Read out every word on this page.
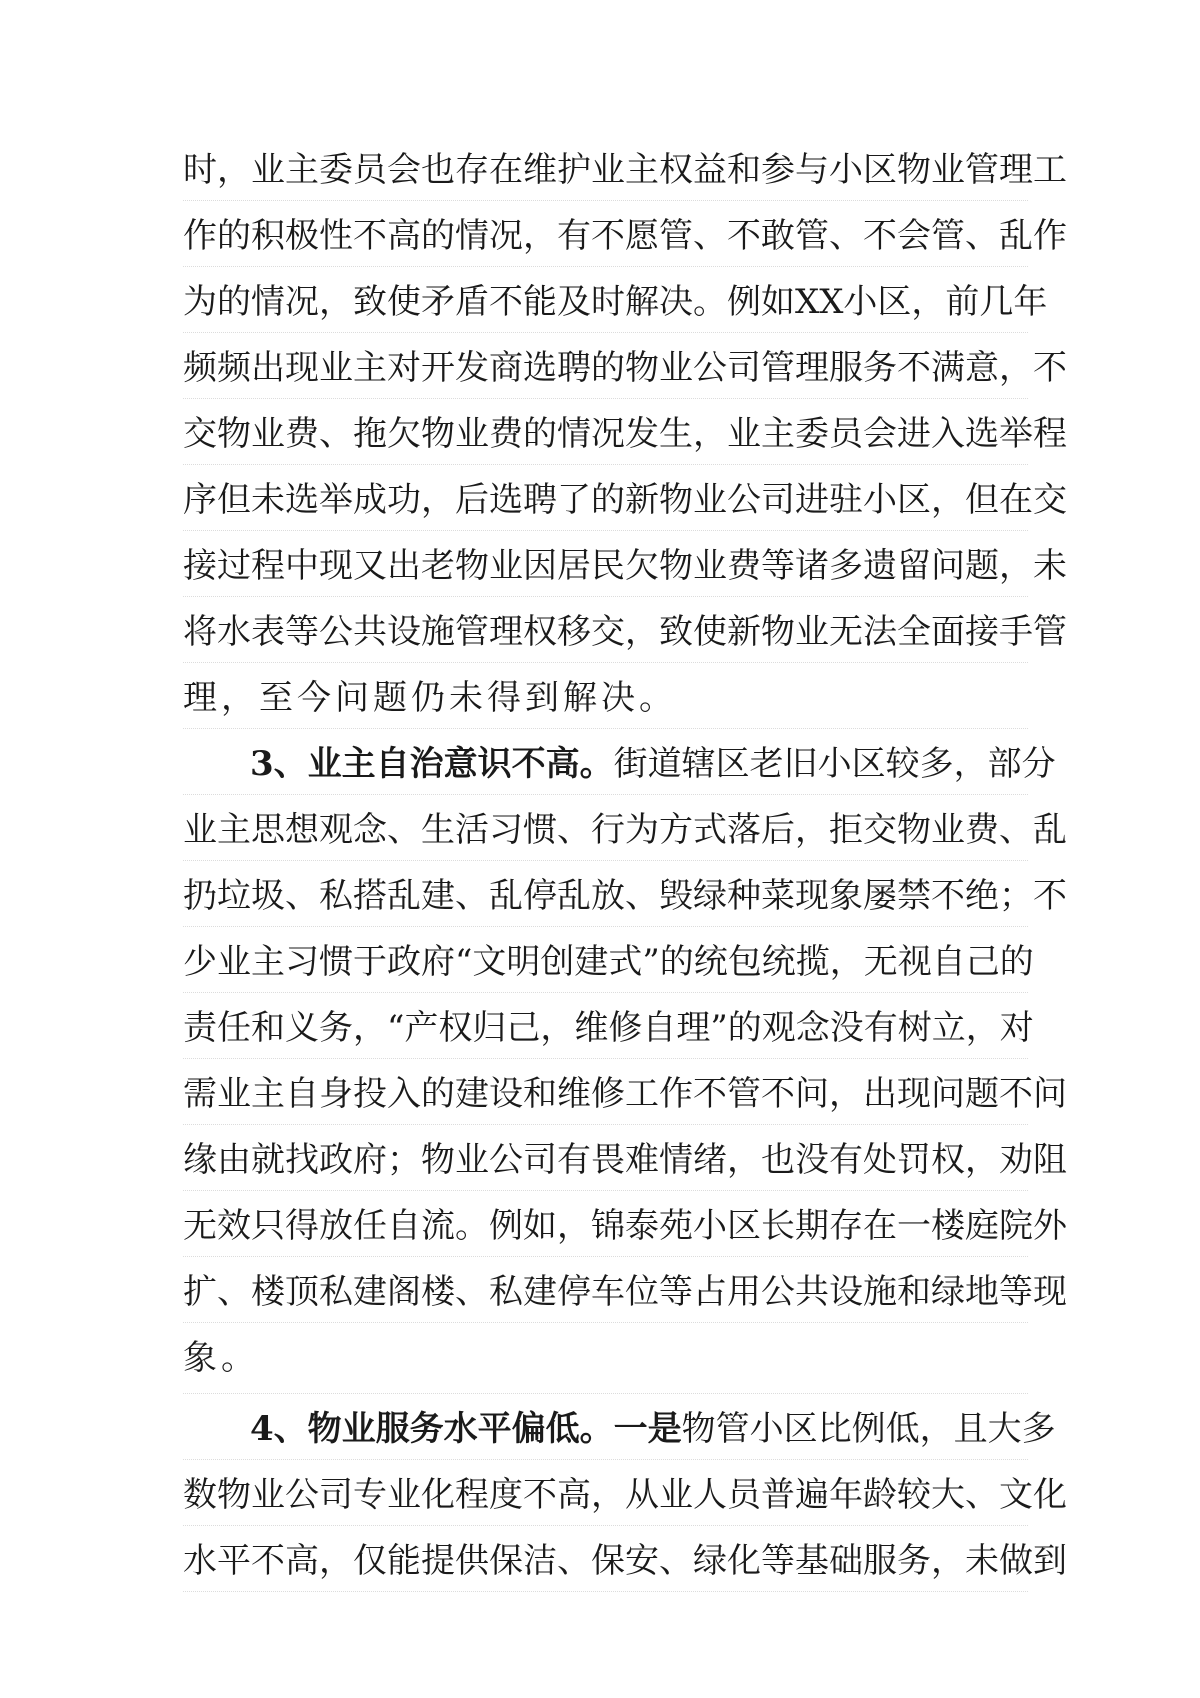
时，业主委员会也存在维护业主权益和参与小区物业管理工
作的积极性不高的情况，有不愿管、不敢管、不会管、乱作
为的情况，致使矛盾不能及时解决。例如XX小区，前几年
频频出现业主对开发商选聘的物业公司管理服务不满意，不
交物业费、拖欠物业费的情况发生，业主委员会进入选举程
序但未选举成功，后选聘了的新物业公司进驻小区，但在交
接过程中现又出老物业因居民欠物业费等诸多遗留问题，未
将水表等公共设施管理权移交，致使新物业无法全面接手管
理，至今问题仍未得到解决。
3、业主自治意识不高。街道辖区老旧小区较多，部分
业主思想观念、生活习惯、行为方式落后，拒交物业费、乱
扔垃圾、私搭乱建、乱停乱放、毁绿种菜现象屡禁不绝；不
少业主习惯于政府“文明创建式”的统包统揽，无视自己的
责任和义务，“产权归己，维修自理”的观念没有树立，对
需业主自身投入的建设和维修工作不管不问，出现问题不问
缘由就找政府；物业公司有畏难情绪，也没有处罚权，劝阻
无效只得放任自流。例如，锦泰苑小区长期存在一楼庭院外
扩、楼顶私建阁楼、私建停车位等占用公共设施和绿地等现
象。
4、物业服务水平偏低。一是物管小区比例低，且大多
数物业公司专业化程度不高，从业人员普遍年龄较大、文化
水平不高，仅能提供保洁、保安、绿化等基础服务，未做到
